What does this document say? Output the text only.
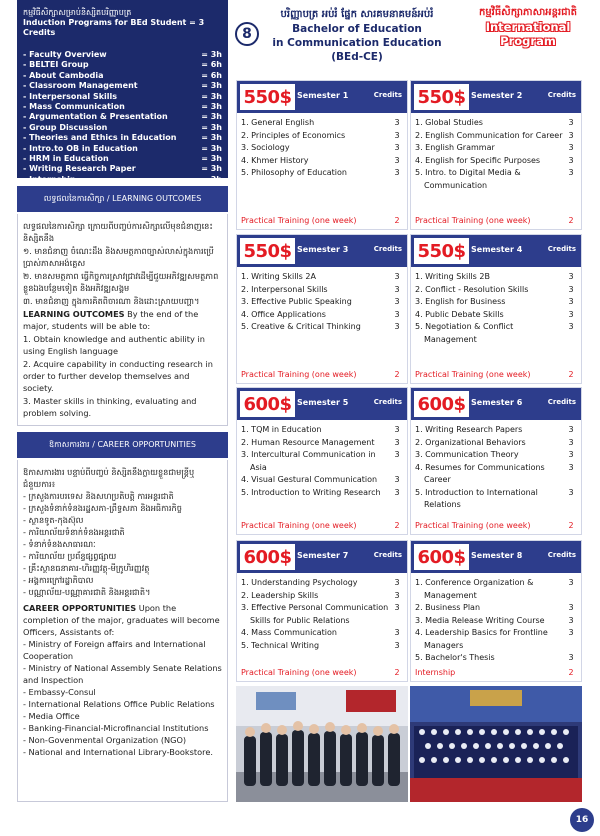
កម្មវិធីសិក្សាសម្រាប់និស្សិតបរិញ្ញាបត្រ
Induction Programs for BEd Student = 3 Credits
- Faculty Overview	= 3h
- BELTEI Group	= 6h
- About Cambodia	= 6h
- Classroom Management	= 3h
- Interpersonal Skills	= 3h
- Mass Communication	= 3h
- Argumentation & Presentation	= 3h
- Group Discussion	= 3h
- Theories and Ethics in Education	= 3h
- Intro.to OB in Education	= 3h
- HRM in Education	= 3h
- Writing Research Paper	= 3h
- Internship	= 3h
លទ្ធផលនៃការសិក្សា / LEARNING OUTCOMES

លទ្ធផលនៃការសិក្សា ក្រោយពីបញ្ចប់ការសិក្សាលើមុខជំនាញនេះនិស្សិតនឹង

១. មានជំនាញ ចំណេះដឹង និងសមត្ថភាពច្បាស់លាស់ក្នុងការប្រើប្រាស់ភាសាអង់គ្លេស

២. មានសមត្ថភាព ធ្វើកិច្ចការស្រាវជ្រាវដើម្បីជួយអភិវឌ្ឍសមត្ថភាពខ្លួនឯងបន្ថែមទៀត និងអភិវឌ្ឍសង្គម

៣. មានជំនាញ ក្នុងការគិតពិចារណា និងដោះស្រាយបញ្ហា។

LEARNING OUTCOMES By the end of the major, students will be able to:

1. Obtain knowledge and authentic ability in using English language

2. Acquire capability in conducting research in order to further develop themselves and society.

3. Master skills in thinking, evaluating and problem solving.

ឱកាសការងារ / CAREER OPPORTUNITIES

ឱកាសការងារ បន្ទាប់ពីបញ្ចប់ និស្សិតនឹងក្លាយខ្លួនជាមន្ត្រីឬជំនួយការ៖

- ក្រសួងការបរទេស និងសហប្រតិបត្តិ ការអន្តរជាតិ
- ក្រសួងទំនាក់ទំនងរដ្ឋសភា-ព្រឹទ្ធសភា និងអធិការកិច្ច
- ស្ថានទូត-កុងស៊ុល
- ការិយាល័យទំនាក់ទំនងអន្តរជាតិ
- ទំនាក់ទំនងសាធារណៈ
- ការិយាល័យ ប្រព័ន្ធផ្សព្វផ្សាយ
- គ្រឹះស្ថានធនាគារ-ហិរញ្ញវត្ថុ-មីក្រូហិរញ្ញវត្ថុ
- អង្គការក្រៅរដ្ឋាភិបាល
- បណ្ណាល័យ-បណ្ណាគារជាតិ និងអន្តរជាតិ។

CAREER OPPORTUNITIES Upon the completion of the major, graduates will become Officers, Assistants of:

- Ministry of Foreign affairs and International Cooperation
- Ministry of National Assembly Senate Relations and Inspection
- Embassy-Consul
- International Relations Office Public Relations
- Media Office
- Banking-Financial-Microfinancial Institutions
- Non-Govenmental Organization (NGO)
- National and International Library-Bookstore.
8
បរិញ្ញាបត្រ អប់រំ ផ្នែក សារគមនាគមន៍អប់រំ
Bachelor of Education
in Communication Education (BEd-CE)
កម្មវិធីសិក្សាភាសាអន្តរជាតិ
International
Program
550$ Semester 1	Credits
1. General English	3
2. Principles of Economics	3
3. Sociology	3
4. Khmer History	3
5. Philosophy of Education	3
Practical Training (one week)	2
550$ Semester 2	Credits
1. Global Studies	3
2. English Communication for Career 3
3. English Grammar	3
4. English for Specific Purposes	3
5. Intro. to Digital Media & Communication
3
Practical Training (one week)	2
550$ Semester 3	Credits
1. Writing Skills 2A	3
2. Interpersonal Skills	3
3. Effective Public Speaking	3
4. Office Applications	3
5. Creative & Critical Thinking	3
Practical Training (one week)	2
550$ Semester 4	Credits
1. Writing Skills 2B	3
2. Conflict - Resolution Skills	3
3. English for Business	3
4. Public Debate Skills	3
5. Negotiation & Conflict Management
3
Practical Training (one week)	2
600$ Semester 5	Credits
1. TQM in Education	3
2. Human Resource Management	3
3. Intercultural Communication in Asia
3
4. Visual Gestural Communication	3
5. Introduction to Writing Research	3
Practical Training (one week)	2
600$ Semester 6	Credits
1. Writing Research Papers	3
2. Organizational Behaviors	3
3. Communication Theory	3
4. Resumes for Communications Career
3
5. Introduction to International Relations
3
Practical Training (one week)	2
600$ Semester 7	Credits
1. Understanding Psychology	3
2. Leadership Skills	3
3. Effective Personal Communication Skills for Public Relations
3
4. Mass Communication	3
5. Technical Writing	3
Practical Training (one week)	2
600$ Semester 8	Credits
1. Conference Organization & Management
3
2. Business Plan	3
3. Media Release Writing Course	3
4. Leadership Basics for Frontline Managers
3
5. Bachelor's Thesis	3
Internship	2
16
